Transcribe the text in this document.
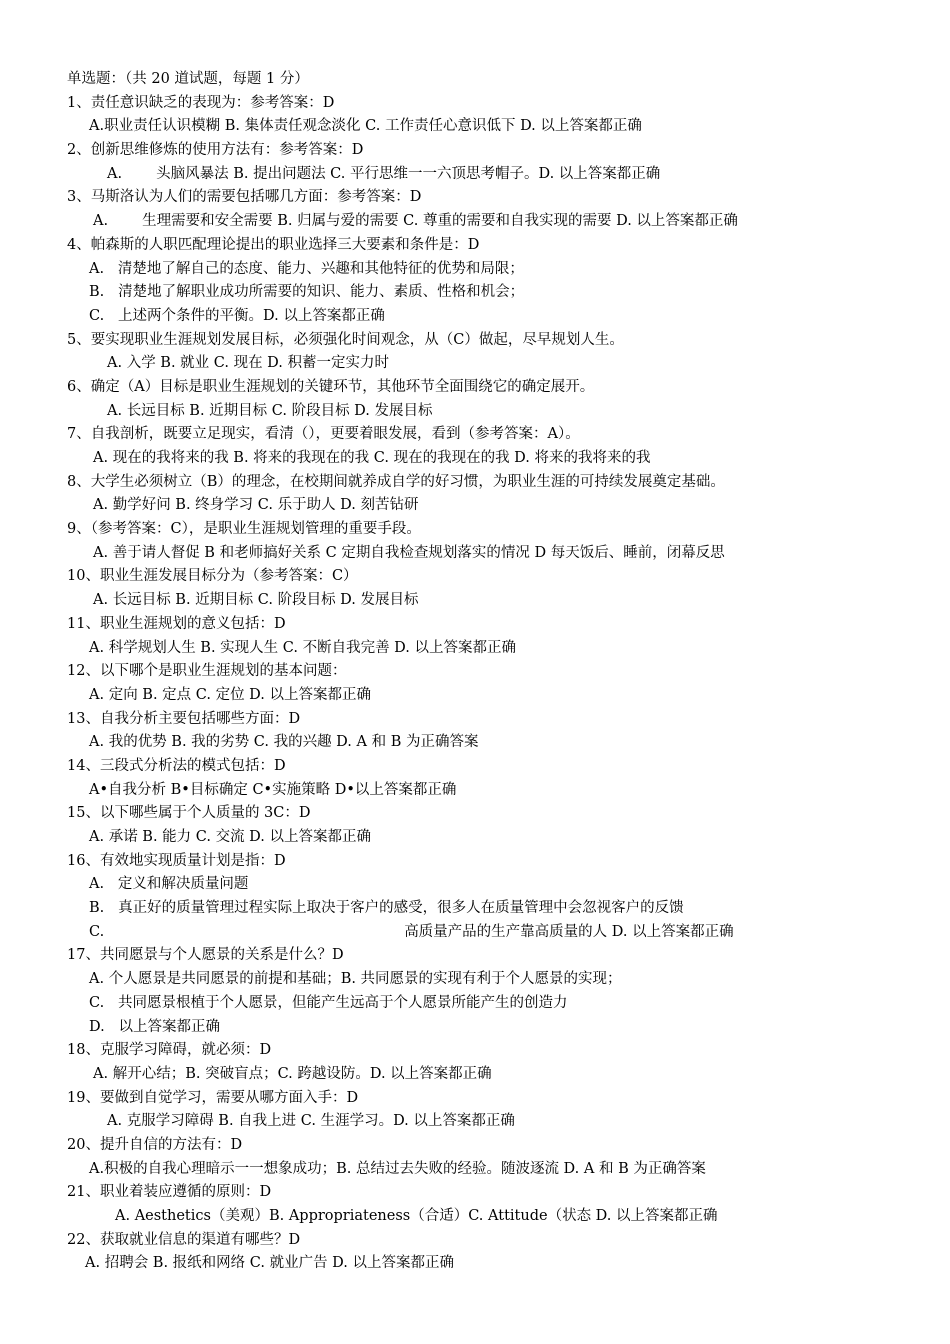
单选题：（共 20 道试题，每题 1 分）
1、责任意识缺乏的表现为：参考答案：D
A.职业责任认识模糊 B. 集体责任观念淡化 C. 工作责任心意识低下 D. 以上答案都正确
2、创新思维修炼的使用方法有：参考答案：D
A. 头脑风暴法 B. 提出问题法 C. 平行思维一一六顶思考帽子。D. 以上答案都正确
3、马斯洛认为人们的需要包括哪几方面：参考答案：D
A. 生理需要和安全需要 B. 归属与爱的需要 C. 尊重的需要和自我实现的需要 D. 以上答案都正确
4、帕森斯的人职匹配理论提出的职业选择三大要素和条件是：D
A.   清楚地了解自己的态度、能力、兴趣和其他特征的优势和局限；
B.   清楚地了解职业成功所需要的知识、能力、素质、性格和机会；
C.   上述两个条件的平衡。D. 以上答案都正确
5、要实现职业生涯规划发展目标，必须强化时间观念，从（C）做起，尽早规划人生。
A. 入学 B. 就业 C. 现在 D. 积蓄一定实力时
6、确定（A）目标是职业生涯规划的关键环节，其他环节全面围绕它的确定展开。
A. 长远目标 B. 近期目标 C. 阶段目标 D. 发展目标
7、自我剖析，既要立足现实，看清（），更要着眼发展，看到（参考答案：A）。
A. 现在的我将来的我 B. 将来的我现在的我 C. 现在的我现在的我 D. 将来的我将来的我
8、大学生必须树立（B）的理念，在校期间就养成自学的好习惯，为职业生涯的可持续发展奠定基础。
A. 勤学好问 B. 终身学习 C. 乐于助人 D. 刻苦钻研
9、（参考答案：C），是职业生涯规划管理的重要手段。
A. 善于请人督促 B 和老师搞好关系 C 定期自我检查规划落实的情况 D 每天饭后、睡前，闭幕反思
10、职业生涯发展目标分为（参考答案：C）
A. 长远目标 B. 近期目标 C. 阶段目标 D. 发展目标
11、职业生涯规划的意义包括：D
A. 科学规划人生 B. 实现人生 C. 不断自我完善 D. 以上答案都正确
12、以下哪个是职业生涯规划的基本问题：
A. 定向 B. 定点 C. 定位 D. 以上答案都正确
13、自我分析主要包括哪些方面：D
A. 我的优势 B. 我的劣势 C. 我的兴趣 D. A 和 B 为正确答案
14、三段式分析法的模式包括：D
A•自我分析 B•目标确定 C•实施策略 D•以上答案都正确
15、以下哪些属于个人质量的 3C：D
A. 承诺 B. 能力 C. 交流 D. 以上答案都正确
16、有效地实现质量计划是指：D
A.   定义和解决质量问题
B.   真正好的质量管理过程实际上取决于客户的感受，很多人在质量管理中会忽视客户的反馈
C.	高质量产品的生产靠高质量的人 D. 以上答案都正确
17、共同愿景与个人愿景的关系是什么？D
A. 个人愿景是共同愿景的前提和基础；B. 共同愿景的实现有利于个人愿景的实现；
C.   共同愿景根植于个人愿景，但能产生远高于个人愿景所能产生的创造力
D.   以上答案都正确
18、克服学习障碍，就必须：D
A. 解开心结；B. 突破盲点；C. 跨越设防。D. 以上答案都正确
19、要做到自觉学习，需要从哪方面入手：D
A. 克服学习障碍 B. 自我上进 C. 生涯学习。D. 以上答案都正确
20、提升自信的方法有：D
A.积极的自我心理暗示一一想象成功；B. 总结过去失败的经验。随波逐流 D. A 和 B 为正确答案
21、职业着装应遵循的原则：D
A. Aesthetics（美观）B. Appropriateness（合适）C. Attitude（状态 D. 以上答案都正确
22、获取就业信息的渠道有哪些？D
A. 招聘会 B. 报纸和网络 C. 就业广告 D. 以上答案都正确
